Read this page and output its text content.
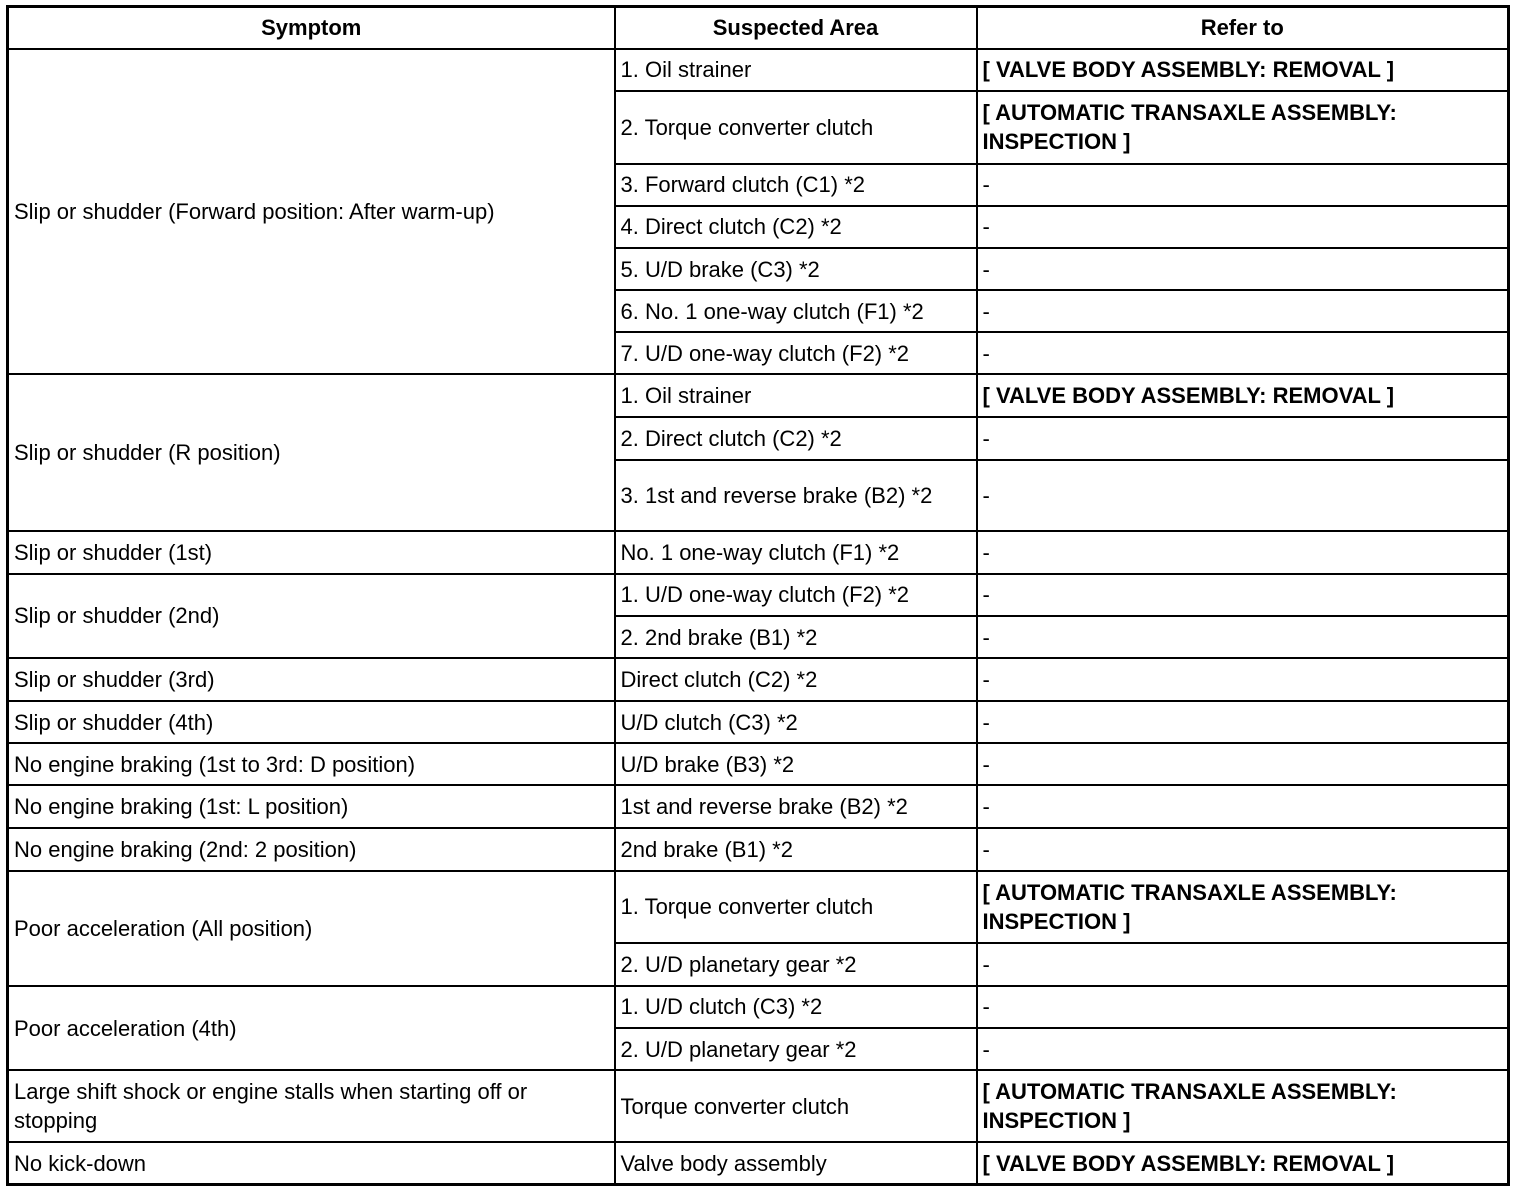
Symptom	Suspected Area	Refer to
Slip or shudder (Forward position: After warm-up)	1. Oil strainer	[ VALVE BODY ASSEMBLY: REMOVAL ]
	2. Torque converter clutch	[ AUTOMATIC TRANSAXLE ASSEMBLY: INSPECTION ]
	3. Forward clutch (C1) *2	-
	4. Direct clutch (C2) *2	-
	5. U/D brake (C3) *2	-
	6. No. 1 one-way clutch (F1) *2	-
	7. U/D one-way clutch (F2) *2	-
Slip or shudder (R position)	1. Oil strainer	[ VALVE BODY ASSEMBLY: REMOVAL ]
	2. Direct clutch (C2) *2	-
	3. 1st and reverse brake (B2) *2	-
Slip or shudder (1st)	No. 1 one-way clutch (F1) *2	-
Slip or shudder (2nd)	1. U/D one-way clutch (F2) *2	-
	2. 2nd brake (B1) *2	-
Slip or shudder (3rd)	Direct clutch (C2) *2	-
Slip or shudder (4th)	U/D clutch (C3) *2	-
No engine braking (1st to 3rd: D position)	U/D brake (B3) *2	-
No engine braking (1st: L position)	1st and reverse brake (B2) *2	-
No engine braking (2nd: 2 position)	2nd brake (B1) *2	-
Poor acceleration (All position)	1. Torque converter clutch	[ AUTOMATIC TRANSAXLE ASSEMBLY: INSPECTION ]
	2. U/D planetary gear *2	-
Poor acceleration (4th)	1. U/D clutch (C3) *2	-
	2. U/D planetary gear *2	-
Large shift shock or engine stalls when starting off or stopping	Torque converter clutch	[ AUTOMATIC TRANSAXLE ASSEMBLY: INSPECTION ]
No kick-down	Valve body assembly	[ VALVE BODY ASSEMBLY: REMOVAL ]
